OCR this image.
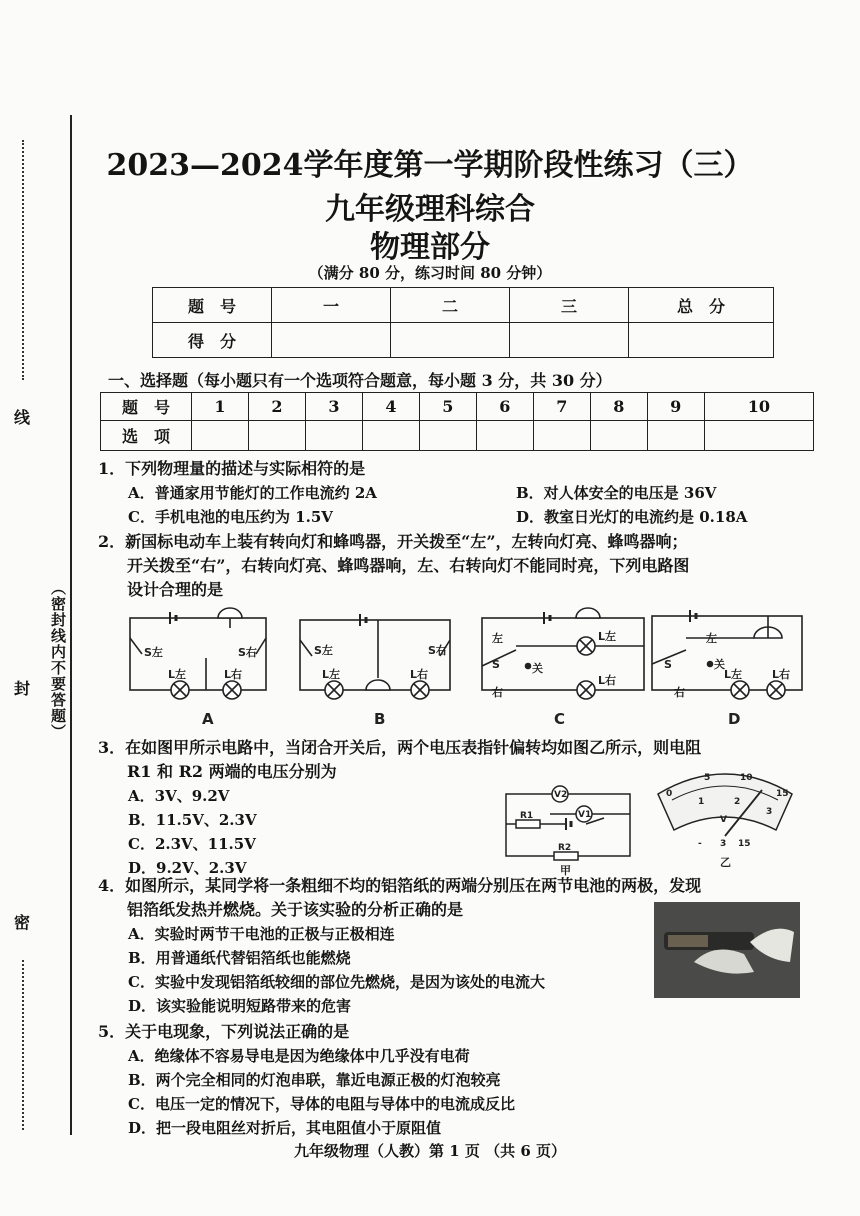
线
封
密
（密封线内不要答题）
2023—2024学年度第一学期阶段性练习（三）
九年级理科综合
物理部分
（满分 80 分，练习时间 80 分钟）
题　号	一	二	三	总　分
得　分				
一、选择题（每小题只有一个选项符合题意，每小题 3 分，共 30 分）
题　号	1	2	3	4	5	6	7	8	9	10
选　项										
1．下列物理量的描述与实际相符的是
A．普通家用节能灯的工作电流约 2A	B．对人体安全的电压是 36V
C．手机电池的电压约为 1.5V	D．教室日光灯的电流约是 0.18A
2．新国标电动车上装有转向灯和蜂鸣器，开关拨至“左”，左转向灯亮、蜂鸣器响；
开关拨至“右”，右转向灯亮、蜂鸣器响，左、右转向灯不能同时亮，下列电路图
设计合理的是
S左	S右
L左	L右
S左	S右
L左	L右
左
S	关
右
L左
L右
左
S	关
右
L左	L右
A	B	C	D
3．在如图甲所示电路中，当闭合开关后，两个电压表指针偏转均如图乙所示，则电阻
R1 和 R2 两端的电压分别为
A．3V、9.2V
B．11.5V、2.3V
C．2.3V、11.5V
D．9.2V、2.3V
V2
V1
R1
R2
甲
0
5	10
15
1	2
3
V
- 3 15
乙
4．如图所示，某同学将一条粗细不均的铝箔纸的两端分别压在两节电池的两极，发现
铝箔纸发热并燃烧。关于该实验的分析正确的是
A．实验时两节干电池的正极与正极相连
B．用普通纸代替铝箔纸也能燃烧
C．实验中发现铝箔纸较细的部位先燃烧，是因为该处的电流大
D．该实验能说明短路带来的危害
5．关于电现象，下列说法正确的是
A．绝缘体不容易导电是因为绝缘体中几乎没有电荷
B．两个完全相同的灯泡串联，靠近电源正极的灯泡较亮
C．电压一定的情况下，导体的电阻与导体中的电流成反比
D．把一段电阻丝对折后，其电阻值小于原阻值
九年级物理（人教）第 1 页 （共 6 页）
